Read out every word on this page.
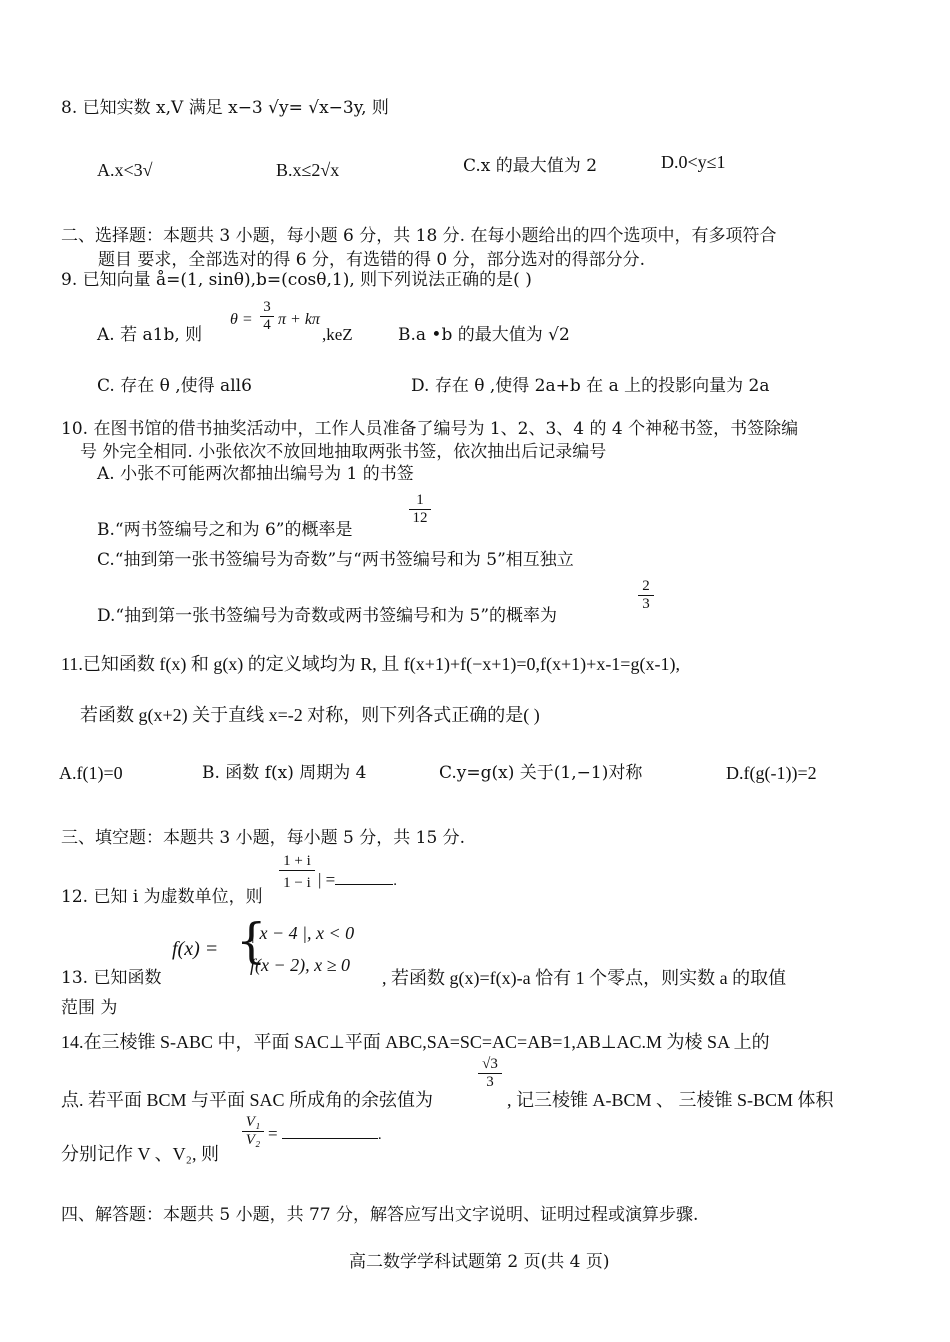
8. 已知实数 x,V 满足 x−3 √y= √x−3y, 则
A.x<3√	B.x≤2√x	C.x 的最大值为 2	D.0<y≤1
二、选择题：本题共 3 小题，每小题 6 分，共 18 分. 在每小题给出的四个选项中，有多项符合
题目 要求，全部选对的得 6 分，有选错的得 0 分，部分选对的得部分分.
9. 已知向量 å=(1, sinθ),b=(cosθ,1), 则下列说法正确的是( )
A. 若 a1b, 则
$\theta = \frac{3}{4}$ π + kπ
,keZ	B.a •b 的最大值为 √2
C. 存在 θ ,使得 all6	D. 存在 θ ,使得 2a+b 在 a 上的投影向量为 2a
10. 在图书馆的借书抽奖活动中，工作人员准备了编号为 1、2、3、4 的 4 个神秘书签，书签除编
号 外完全相同. 小张依次不放回地抽取两张书签，依次抽出后记录编号
A. 小张不可能两次都抽出编号为 1 的书签
B.“两书签编号之和为 6”的概率是
$\frac{1}{12}$
C.“抽到第一张书签编号为奇数”与“两书签编号和为 5”相互独立
D.“抽到第一张书签编号为奇数或两书签编号和为 5”的概率为
$\frac{2}{3}$
11.已知函数 f(x) 和 g(x) 的定义域均为 R, 且 f(x+1)+f(−x+1)=0,f(x+1)+x-1=g(x-1),
若函数 g(x+2) 关于直线 x=-2 对称，则下列各式正确的是( )
A.f(1)=0	B. 函数 f(x) 周期为 4	C.y=g(x) 关于(1,−1)对称	D.f(g(-1))=2
三、填空题：本题共 3 小题，每小题 5 分，共 15 分.
12. 已知 i 为虚数单位，则
$\frac{1 + i}{1 - i}$ | =	.
13. 已知函数
f(x) = {
| x − 4 |, x < 0
f(x − 2), x ≥ 0
, 若函数 g(x)=f(x)-a 恰有 1 个零点，则实数 a 的取值
范围 为
14.在三棱锥 S-ABC 中，平面 SAC⊥平面 ABC,SA=SC=AC=AB=1,AB⊥AC.M 为棱 SA 上的
点. 若平面 BCM 与平面 SAC 所成角的余弦值为
$\frac{√3}{3}$
, 记三棱锥 A-BCM 、 三棱锥 S-BCM 体积
分别记作 V 、V₂, 则
$\frac{\text{V₁}}{\text{V₂}}$ =	.
四、解答题：本题共 5 小题，共 77 分，解答应写出文字说明、证明过程或演算步骤.
高二数学学科试题第 2 页(共 4 页)
